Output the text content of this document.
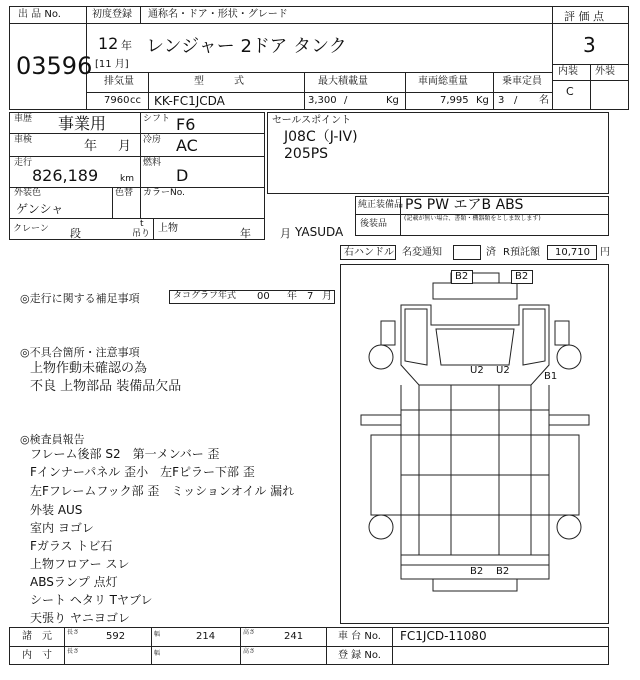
出 品 No.
03596
初度登録 通称名・ドア・形状・グレード
12 年
[11 月]
レンジャー 2ドア タンク
評 価 点
3
内装 外装
C
排気量	型　　　式	最大積載量	車両総重量	乗車定員
7960 cc KK-FC1JCDA	3,300 /	Kg	7,995 Kg 3 / 名
車歴 事業用	シフト F6
車検	年 月 冷房 AC
走行
826,189 km
燃料
D
外装色
ゲンシャ
色替 カラーNo.
クレーン 段
t
吊り 上物	年	月 YASUDA
セールスポイント
J08C（J-IV)
205PS
純正装備品 PS PW エアB ABS
後装品
(記載が無い場合、書類・機器類をとしま致します)
右ハンドル 名変通知	済 R預託額 10,710 円
◎走行に関する補足事項	タコグラフ年式 00 年 7 月
◎不具合箇所・注意事項
上物作動未確認の為
不良 上物部品 装備品欠品
◎検査員報告
フレーム後部 S2　第一メンバー 歪
Fインナーパネル 歪小　左Fピラー下部 歪
左Fフレームフック部 歪　ミッションオイル 漏れ
外装 AUS
室内 ヨゴレ
Fガラス トビ石
上物フロアー スレ
ABSランプ 点灯
シート ヘタリ Tヤブレ
天張り ヤニヨゴレ
B2	B2
U2 U2
B1
B2 B2
諸　元	長さ	592	幅	214	高さ	241	車 台 No. FC1JCD-11080
内　寸	長さ	幅	高さ	登 録 No.
